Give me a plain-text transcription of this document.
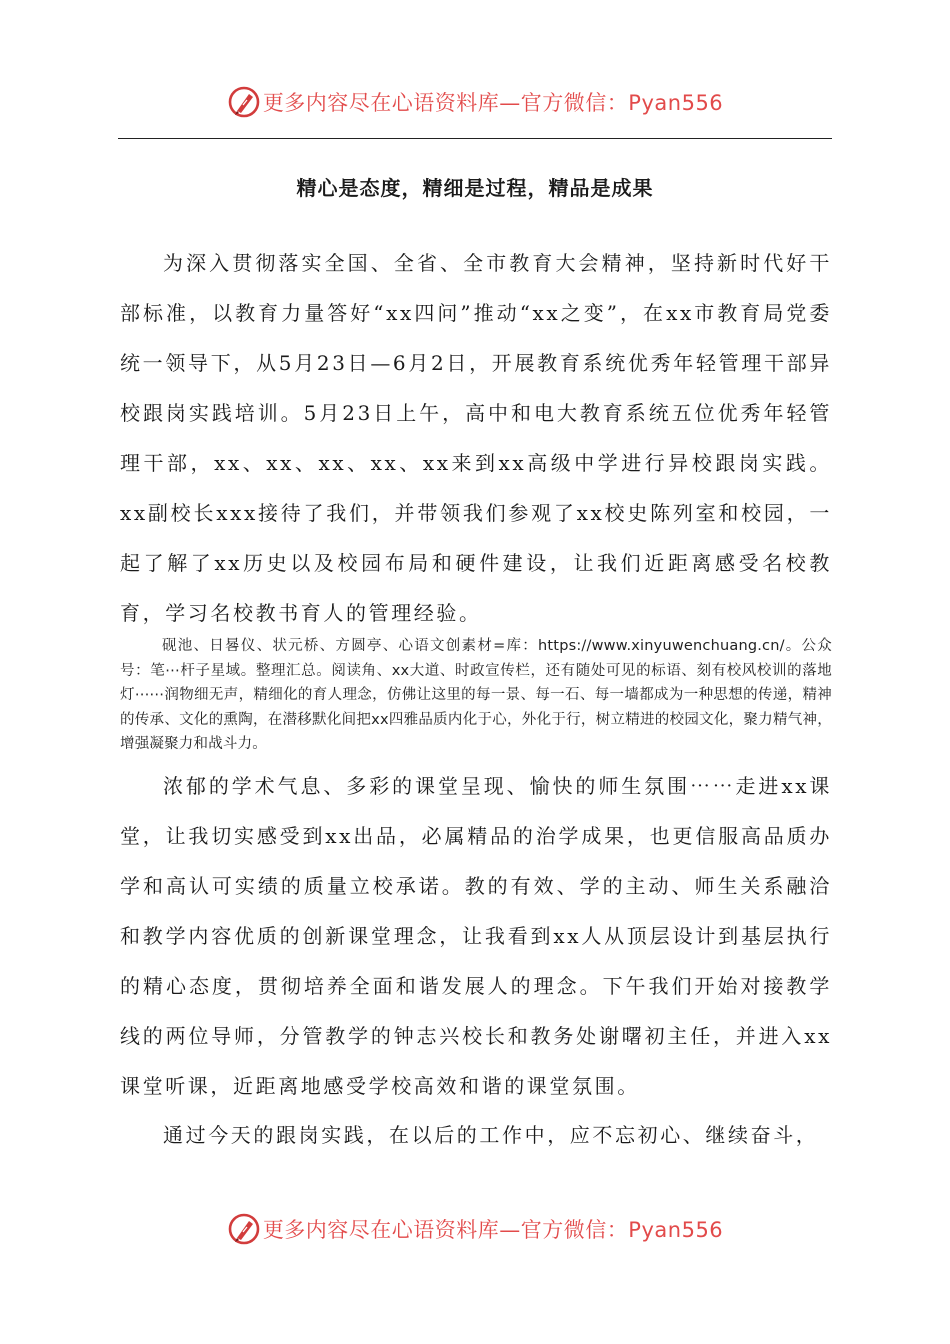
更多内容尽在心语资料库—官方微信：Pyan556
精心是态度，精细是过程，精品是成果

为深入贯彻落实全国、全省、全市教育大会精神，坚持新时代好干部标准，以教育力量答好“xx四问”推动“xx之变”，在xx市教育局党委统一领导下，从5月23日—6月2日，开展教育系统优秀年轻管理干部异校跟岗实践培训。5月23日上午，高中和电大教育系统五位优秀年轻管理干部，xx、xx、xx、xx、xx来到xx高级中学进行异校跟岗实践。xx副校长xxx接待了我们，并带领我们参观了xx校史陈列室和校园，一起了解了xx历史以及校园布局和硬件建设，让我们近距离感受名校教育，学习名校教书育人的管理经验。

砚池、日晷仪、状元桥、方圆亭、心语文创素材=库：https://www.xinyuwenchuang.cn/。公众号：笔⋯杆子星域。整理汇总。阅读角、xx大道、时政宣传栏，还有随处可见的标语、刻有校风校训的落地灯⋯⋯润物细无声，精细化的育人理念，仿佛让这里的每一景、每一石、每一墙都成为一种思想的传递，精神的传承、文化的熏陶，在潜移默化间把xx四雅品质内化于心，外化于行，树立精进的校园文化，聚力精气神，增强凝聚力和战斗力。

浓郁的学术气息、多彩的课堂呈现、愉快的师生氛围⋯⋯走进xx课堂，让我切实感受到xx出品，必属精品的治学成果，也更信服高品质办学和高认可实绩的质量立校承诺。教的有效、学的主动、师生关系融洽和教学内容优质的创新课堂理念，让我看到xx人从顶层设计到基层执行的精心态度，贯彻培养全面和谐发展人的理念。下午我们开始对接教学线的两位导师，分管教学的钟志兴校长和教务处谢曙初主任，并进入xx课堂听课，近距离地感受学校高效和谐的课堂氛围。

通过今天的跟岗实践，在以后的工作中，应不忘初心、继续奋斗，

更多内容尽在心语资料库—官方微信：Pyan556
